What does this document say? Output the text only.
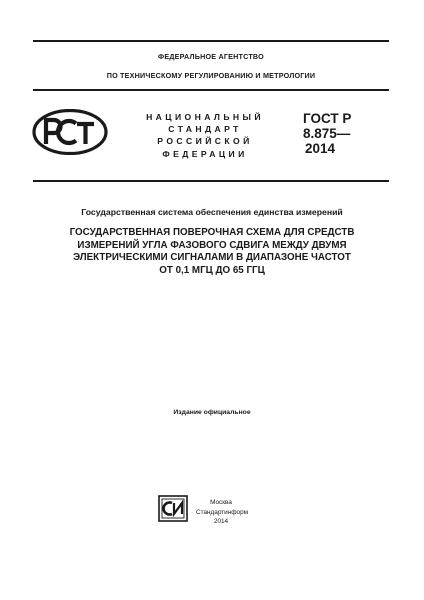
ФЕДЕРАЛЬНОЕ АГЕНТСТВО
ПО ТЕХНИЧЕСКОМУ РЕГУЛИРОВАНИЮ И МЕТРОЛОГИИ
НАЦИОНАЛЬНЫЙ
СТАНДАРТ
РОССИЙСКОЙ
ФЕДЕРАЦИИ
ГОСТ Р
8.875—
2014
Государственная система обеспечения единства измерений
ГОСУДАРСТВЕННАЯ ПОВЕРОЧНАЯ СХЕМА ДЛЯ СРЕДСТВ
ИЗМЕРЕНИЙ УГЛА ФАЗОВОГО СДВИГА МЕЖДУ ДВУМЯ
ЭЛЕКТРИЧЕСКИМИ СИГНАЛАМИ В ДИАПАЗОНЕ ЧАСТОТ
ОТ 0,1 МГЦ ДО 65 ГГЦ
Издание официальное
Москва
Стандартинформ
2014
